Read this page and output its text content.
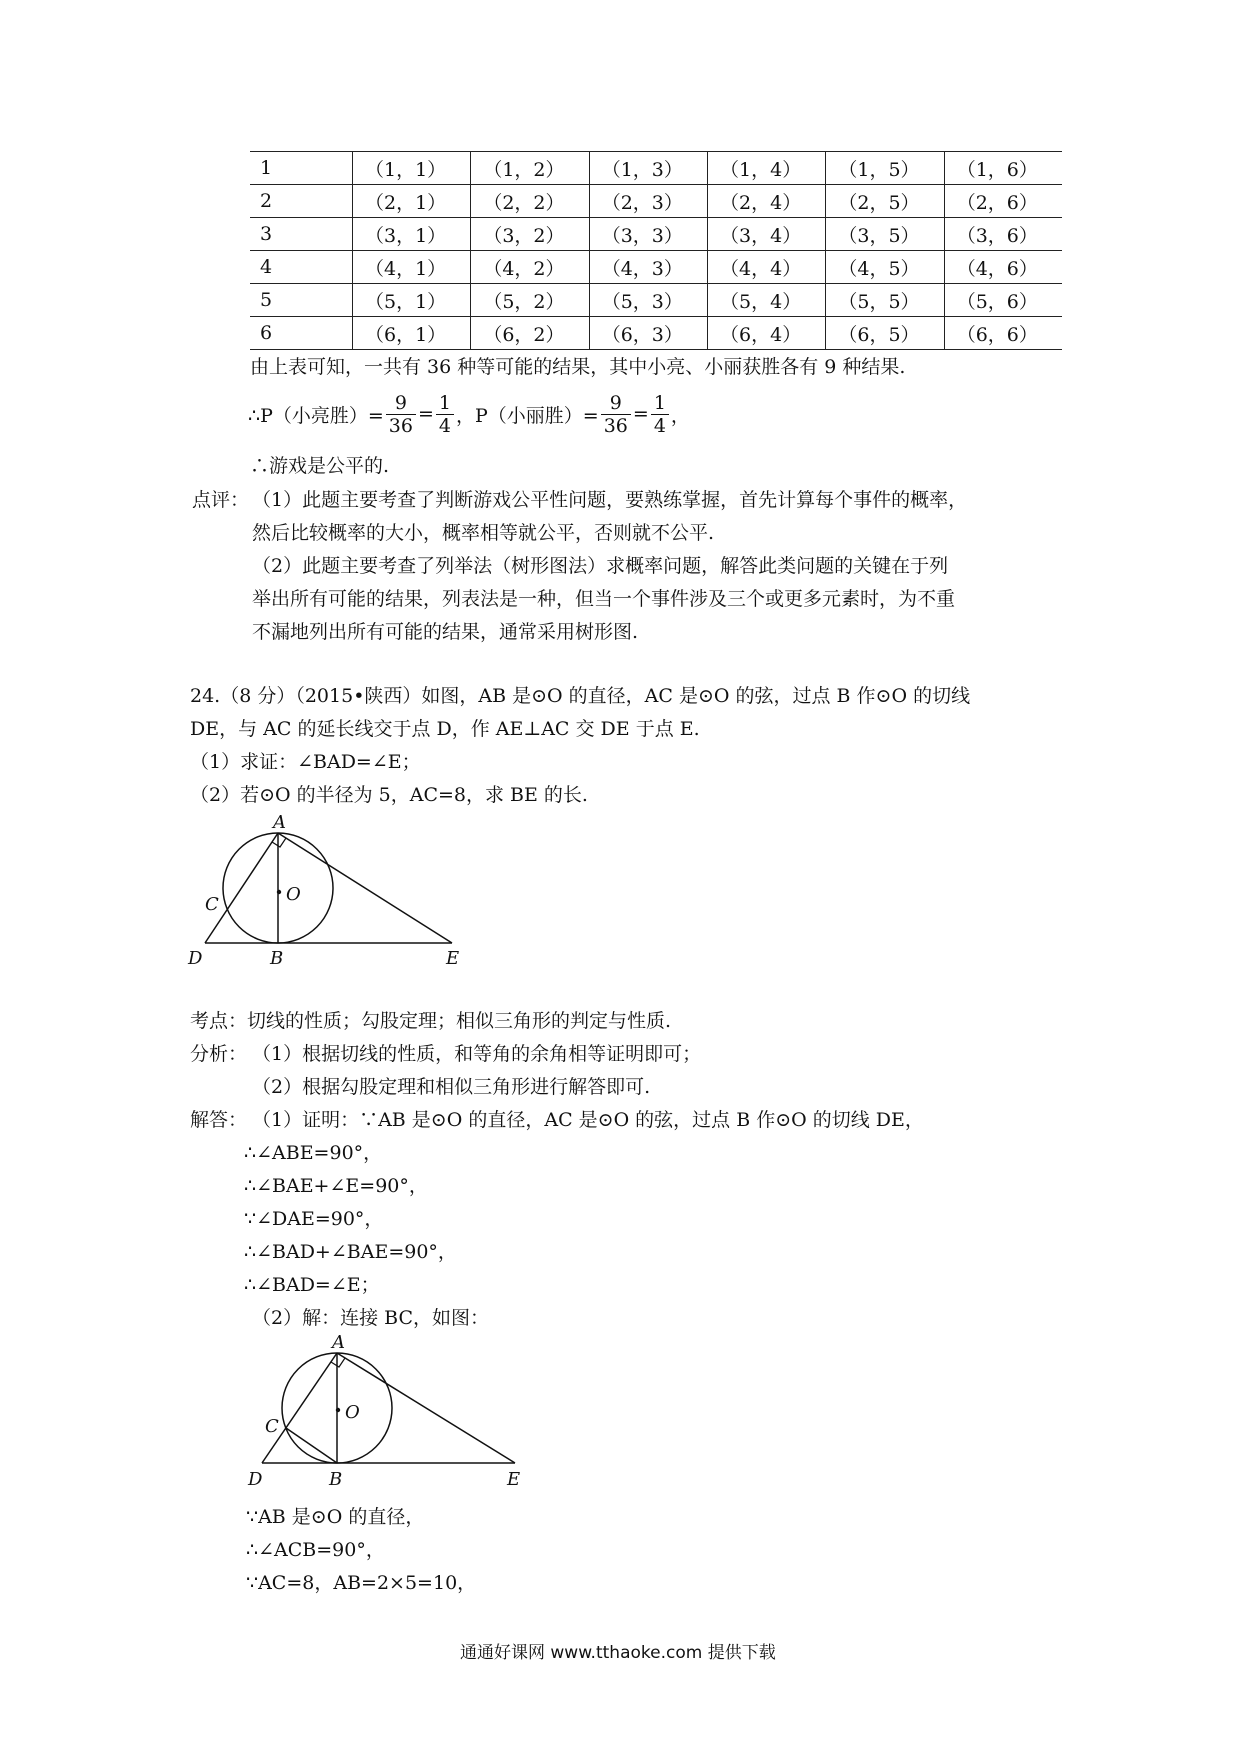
1	（1，1）	（1，2）	（1，3）	（1，4）	（1，5）	（1，6）
2	（2，1）	（2，2）	（2，3）	（2，4）	（2，5）	（2，6）
3	（3，1）	（3，2）	（3，3）	（3，4）	（3，5）	（3，6）
4	（4，1）	（4，2）	（4，3）	（4，4）	（4，5）	（4，6）
5	（5，1）	（5，2）	（5，3）	（5，4）	（5，5）	（5，6）
6	（6，1）	（6，2）	（6，3）	（6，4）	（6，5）	（6，6）
由上表可知，一共有 36 种等可能的结果，其中小亮、小丽获胜各有 9 种结果.
∴P（小亮胜）= $\frac{9}{36} = \frac{1}{4}$ ，P（小丽胜）= $\frac{9}{36} = \frac{1}{4}$ ，
∴游戏是公平的.
点评： （1）此题主要考查了判断游戏公平性问题，要熟练掌握，首先计算每个事件的概率，
然后比较概率的大小，概率相等就公平，否则就不公平.
（2）此题主要考查了列举法（树形图法）求概率问题，解答此类问题的关键在于列
举出所有可能的结果，列表法是一种，但当一个事件涉及三个或更多元素时，为不重
不漏地列出所有可能的结果，通常采用树形图.
24.（8 分）（2015•陕西）如图，AB 是⊙O 的直径，AC 是⊙O 的弦，过点 B 作⊙O 的切线
DE，与 AC 的延长线交于点 D，作 AE⊥AC 交 DE 于点 E.
（1）求证：∠BAD=∠E；
（2）若⊙O 的半径为 5，AC=8，求 BE 的长.
A
O
C
D	B	E
考点：切线的性质；勾股定理；相似三角形的判定与性质.
分析： （1）根据切线的性质，和等角的余角相等证明即可；
（2）根据勾股定理和相似三角形进行解答即可.
解答： （1）证明：∵AB 是⊙O 的直径，AC 是⊙O 的弦，过点 B 作⊙O 的切线 DE，
∴∠ABE=90°，
∴∠BAE+∠E=90°，
∵∠DAE=90°，
∴∠BAD+∠BAE=90°，
∴∠BAD=∠E；
（2）解：连接 BC，如图：
A
O
C
D	B	E
∵AB 是⊙O 的直径，
∴∠ACB=90°，
∵AC=8，AB=2×5=10，
通通好课网 www.tthaoke.com 提供下载
